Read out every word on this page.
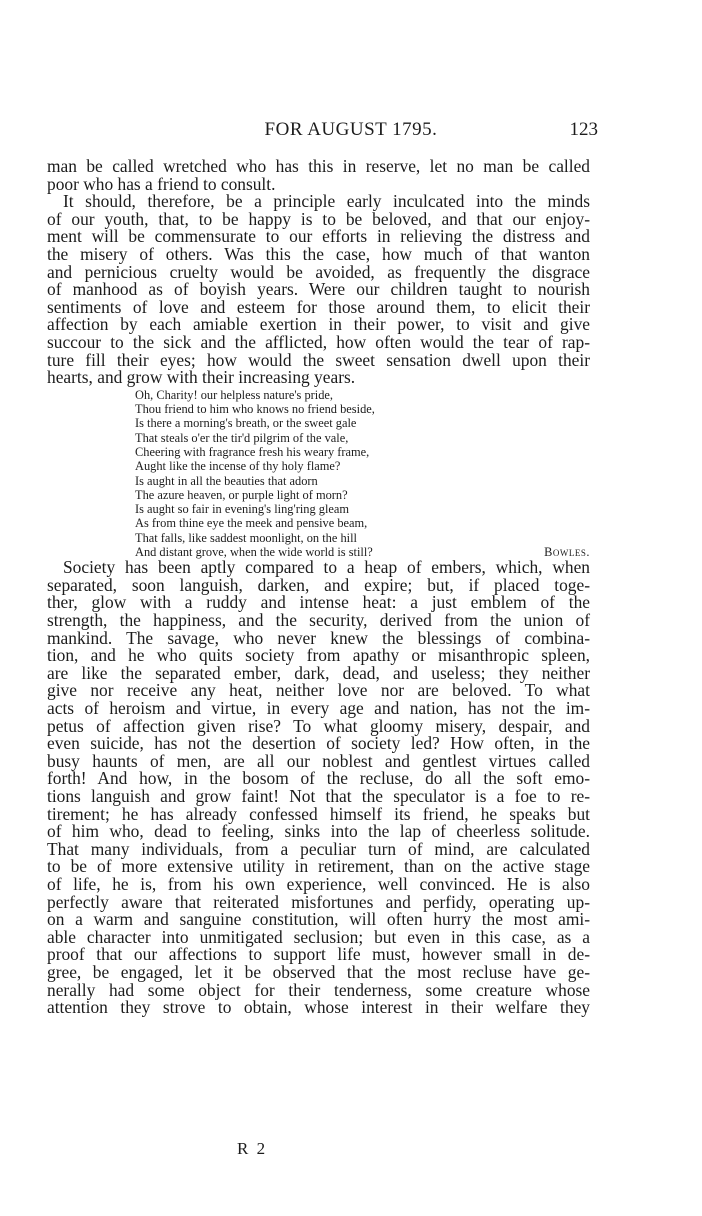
FOR AUGUST 1795.	123
man be called wretched who has this in reserve, let no man be called
poor who has a friend to consult.
It should, therefore, be a principle early inculcated into the minds
of our youth, that, to be happy is to be beloved, and that our enjoy-
ment will be commensurate to our efforts in relieving the distress and
the misery of others. Was this the case, how much of that wanton
and pernicious cruelty would be avoided, as frequently the disgrace
of manhood as of boyish years. Were our children taught to nourish
sentiments of love and esteem for those around them, to elicit their
affection by each amiable exertion in their power, to visit and give
succour to the sick and the afflicted, how often would the tear of rap-
ture fill their eyes; how would the sweet sensation dwell upon their
hearts, and grow with their increasing years.
Oh, Charity! our helpless nature's pride,
Thou friend to him who knows no friend beside,
Is there a morning's breath, or the sweet gale
That steals o'er the tir'd pilgrim of the vale,
Cheering with fragrance fresh his weary frame,
Aught like the incense of thy holy flame?
Is aught in all the beauties that adorn
The azure heaven, or purple light of morn?
Is aught so fair in evening's ling'ring gleam
As from thine eye the meek and pensive beam,
That falls, like saddest moonlight, on the hill
And distant grove, when the wide world is still?	Bowles.
Society has been aptly compared to a heap of embers, which, when
separated, soon languish, darken, and expire; but, if placed toge-
ther, glow with a ruddy and intense heat: a just emblem of the
strength, the happiness, and the security, derived from the union of
mankind. The savage, who never knew the blessings of combina-
tion, and he who quits society from apathy or misanthropic spleen,
are like the separated ember, dark, dead, and useless; they neither
give nor receive any heat, neither love nor are beloved. To what
acts of heroism and virtue, in every age and nation, has not the im-
petus of affection given rise? To what gloomy misery, despair, and
even suicide, has not the desertion of society led? How often, in the
busy haunts of men, are all our noblest and gentlest virtues called
forth! And how, in the bosom of the recluse, do all the soft emo-
tions languish and grow faint! Not that the speculator is a foe to re-
tirement; he has already confessed himself its friend, he speaks but
of him who, dead to feeling, sinks into the lap of cheerless solitude.
That many individuals, from a peculiar turn of mind, are calculated
to be of more extensive utility in retirement, than on the active stage
of life, he is, from his own experience, well convinced. He is also
perfectly aware that reiterated misfortunes and perfidy, operating up-
on a warm and sanguine constitution, will often hurry the most ami-
able character into unmitigated seclusion; but even in this case, as a
proof that our affections to support life must, however small in de-
gree, be engaged, let it be observed that the most recluse have ge-
nerally had some object for their tenderness, some creature whose
attention they strove to obtain, whose interest in their welfare they
R 2
